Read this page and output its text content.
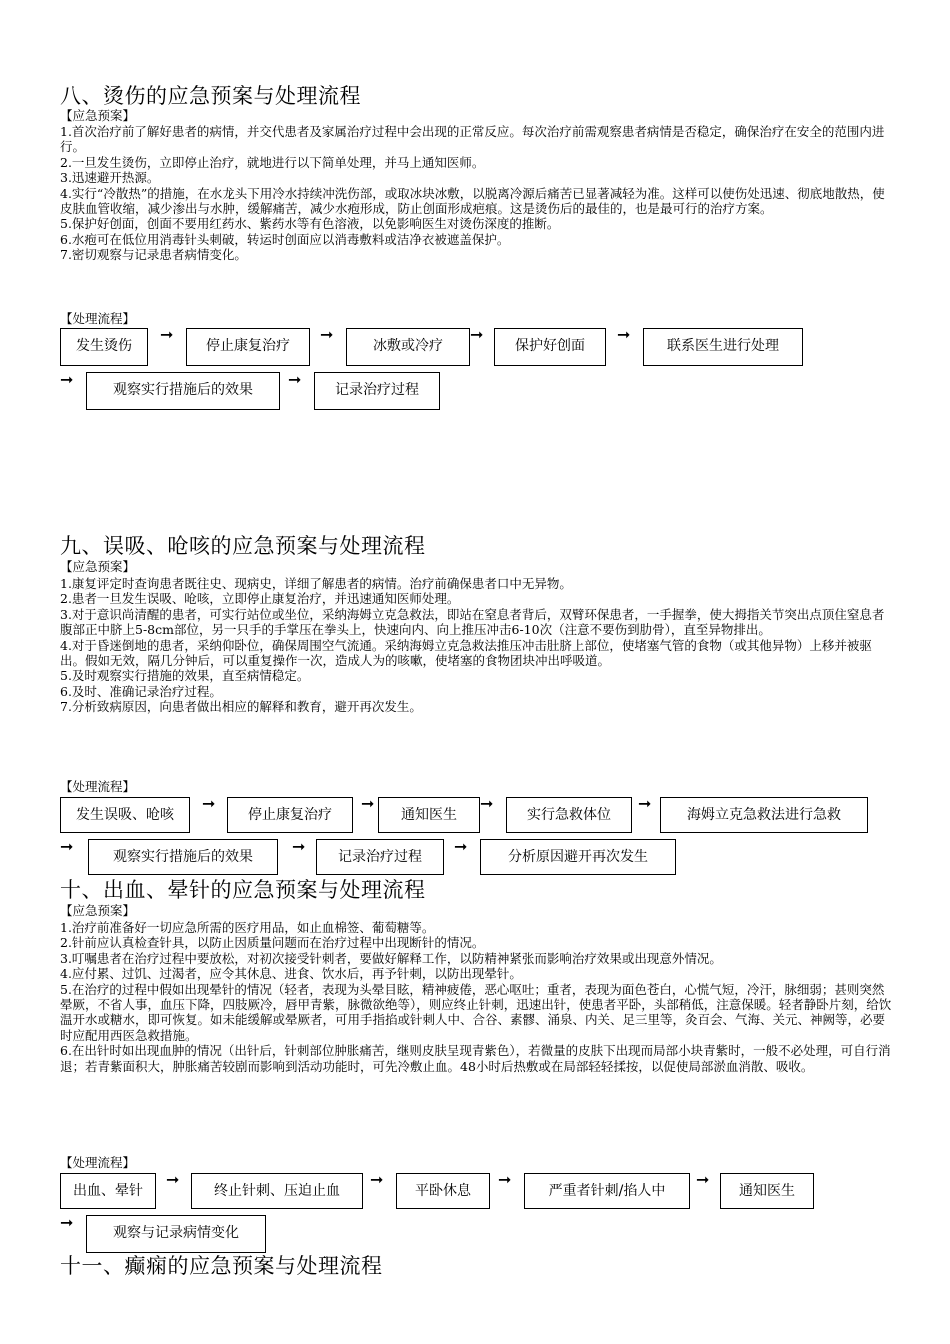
八、烫伤的应急预案与处理流程
【应急预案】

1.首次治疗前了解好患者的病情，并交代患者及家属治疗过程中会出现的正常反应。每次治疗前需观察患者病情是否稳定，确保治疗在安全的范围内进行。

2.一旦发生烫伤，立即停止治疗，就地进行以下简单处理，并马上通知医师。

3.迅速避开热源。

4.实行“冷散热”的措施，在水龙头下用冷水持续冲洗伤部，或取冰块冰敷，以脱离冷源后痛苦已显著减轻为准。这样可以使伤处迅速、彻底地散热，使皮肤血管收缩，减少渗出与水肿，缓解痛苦，减少水疱形成，防止创面形成疤痕。这是烫伤后的最佳的，也是最可行的治疗方案。

5.保护好创面，创面不要用红药水、紫药水等有色溶液，以免影响医生对烫伤深度的推断。

6.水疱可在低位用消毒针头刺破，转运时创面应以消毒敷料或洁净衣被遮盖保护。

7.密切观察与记录患者病情变化。

【处理流程】
发生烫伤
➞
停止康复治疗
➞
冰敷或冷疗
➞
保护好创面
➞
联系医生进行处理
➞
观察实行措施后的效果
➞
记录治疗过程
九、误吸、呛咳的应急预案与处理流程
【应急预案】

1.康复评定时查询患者既往史、现病史，详细了解患者的病情。治疗前确保患者口中无异物。

2.患者一旦发生误吸、呛咳，立即停止康复治疗，并迅速通知医师处理。

3.对于意识尚清醒的患者，可实行站位或坐位，采纳海姆立克急救法，即站在窒息者背后，双臂环保患者，一手握拳，使大拇指关节突出点顶住窒息者腹部正中脐上5-8cm部位，另一只手的手掌压在拳头上，快速向内、向上推压冲击6-10次（注意不要伤到肋骨），直至异物排出。

4.对于昏迷倒地的患者，采纳仰卧位，确保周围空气流通。采纳海姆立克急救法推压冲击肚脐上部位，使堵塞气管的食物（或其他异物）上移并被驱出。假如无效，隔几分钟后，可以重复操作一次，造成人为的咳嗽，使堵塞的食物团块冲出呼吸道。

5.及时观察实行措施的效果，直至病情稳定。

6.及时、准确记录治疗过程。

7.分析致病原因，向患者做出相应的解释和教育，避开再次发生。

【处理流程】
发生误吸、呛咳
➞
停止康复治疗
➞
通知医生
➞
实行急救体位
➞
海姆立克急救法进行急救
➞
观察实行措施后的效果
➞
记录治疗过程
➞
分析原因避开再次发生
十、出血、晕针的应急预案与处理流程
【应急预案】

1.治疗前准备好一切应急所需的医疗用品，如止血棉签、葡萄糖等。

2.针前应认真检查针具，以防止因质量问题而在治疗过程中出现断针的情况。

3.叮嘱患者在治疗过程中要放松，对初次接受针刺者，要做好解释工作，以防精神紧张而影响治疗效果或出现意外情况。

4.应付累、过饥、过渴者，应令其休息、进食、饮水后，再予针刺，以防出现晕针。

5.在治疗的过程中假如出现晕针的情况（轻者，表现为头晕目眩，精神疲倦，恶心呕吐；重者，表现为面色苍白，心慌气短，冷汗，脉细弱；甚则突然晕厥，不省人事，血压下降，四肢厥冷，唇甲青紫，脉微欲绝等），则应终止针刺，迅速出针，使患者平卧，头部稍低，注意保暖。轻者静卧片刻，给饮温开水或糖水，即可恢复。如未能缓解或晕厥者，可用手指掐或针刺人中、合谷、素髎、涌泉、内关、足三里等，灸百会、气海、关元、神阙等，必要时应配用西医急救措施。

6.在出针时如出现血肿的情况（出针后，针刺部位肿胀痛苦，继则皮肤呈现青紫色），若微量的皮肤下出现而局部小块青紫时，一般不必处理，可自行消退；若青紫面积大，肿胀痛苦较剧而影响到活动功能时，可先冷敷止血。48小时后热敷或在局部轻轻揉按，以促使局部淤血消散、吸收。

【处理流程】
出血、晕针
➞
终止针刺、压迫止血
➞
平卧休息
➞
严重者针刺/掐人中
➞
通知医生
➞
观察与记录病情变化
十一、癫痫的应急预案与处理流程
